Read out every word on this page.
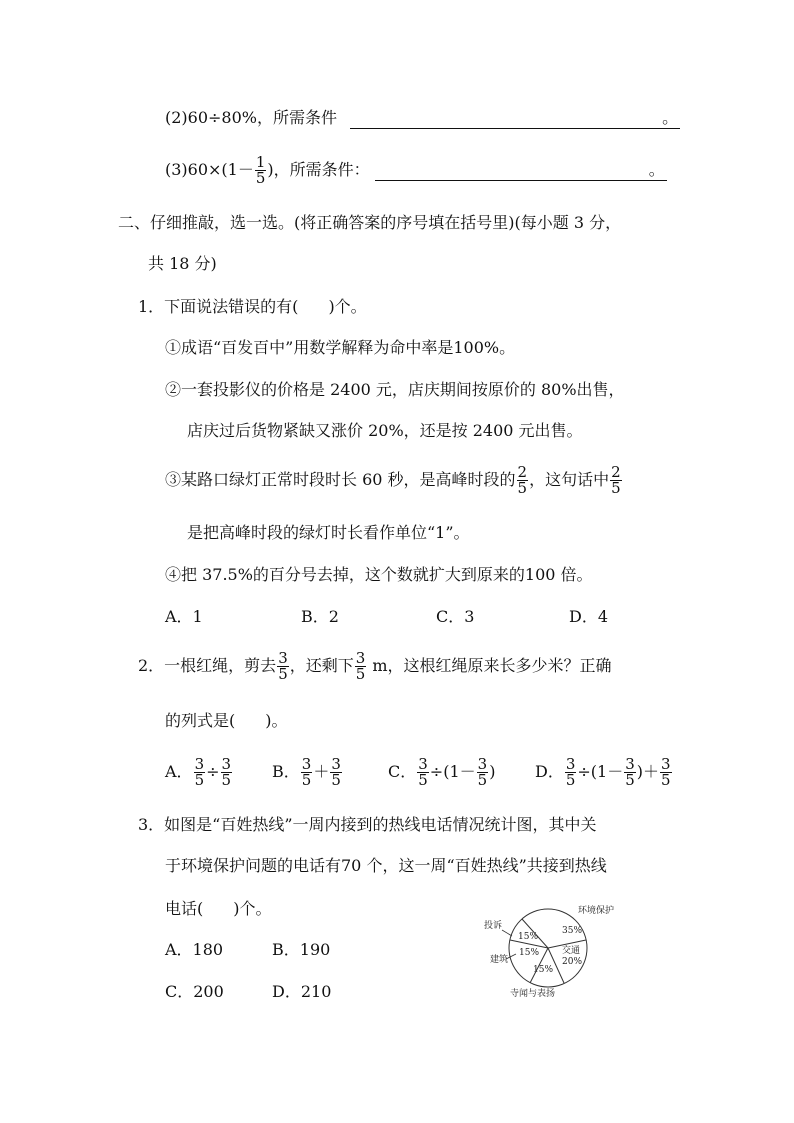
(2)60÷80%，所需条件	。
$(3)60\times(1- \frac{1}{5}$ )，所需条件：	。
二、仔细推敲，选一选。(将正确答案的序号填在括号里)(每小题 3 分，
共 18 分)
1．下面说法错误的有( )个。
①成语“百发百中”用数学解释为命中率是100%。
②一套投影仪的价格是 2400 元，店庆期间按原价的 80%出售，
店庆过后货物紧缺又涨价 20%，还是按 2400 元出售。
③某路口绿灯正常时段时长 60 秒，是高峰时段的 $\frac{2}{5}$ ，这句话中 $\frac{2}{5}$
是把高峰时段的绿灯时长看作单位“1”。
④把 37.5%的百分号去掉，这个数就扩大到原来的100 倍。
A．1	B．2	C．3	D．4
2．一根红绳，剪去 $\frac{3}{5}$ ，还剩下 $\frac{3}{5}$ m，这根红绳原来长多少米？正确
的列式是( )。
A． $\frac{3}{5} \div \frac{3}{5}$ B． $\frac{3}{5} + \frac{3}{5}$	C． $\frac{3}{5} \div(1- \frac{3}{5}$ ) D． $\frac{3}{5} \div(1- \frac{3}{5}$ )＋ $\frac{3}{5}$
3．如图是“百姓热线”一周内接到的热线电话情况统计图，其中关
于环境保护问题的电话有70 个，这一周“百姓热线”共接到热线
电话( )个。
A．180	B．190
C．200	D．210
35%
15%
15%
20%
15%
交通
环境保护
投诉
建筑
寺闻与表扬
